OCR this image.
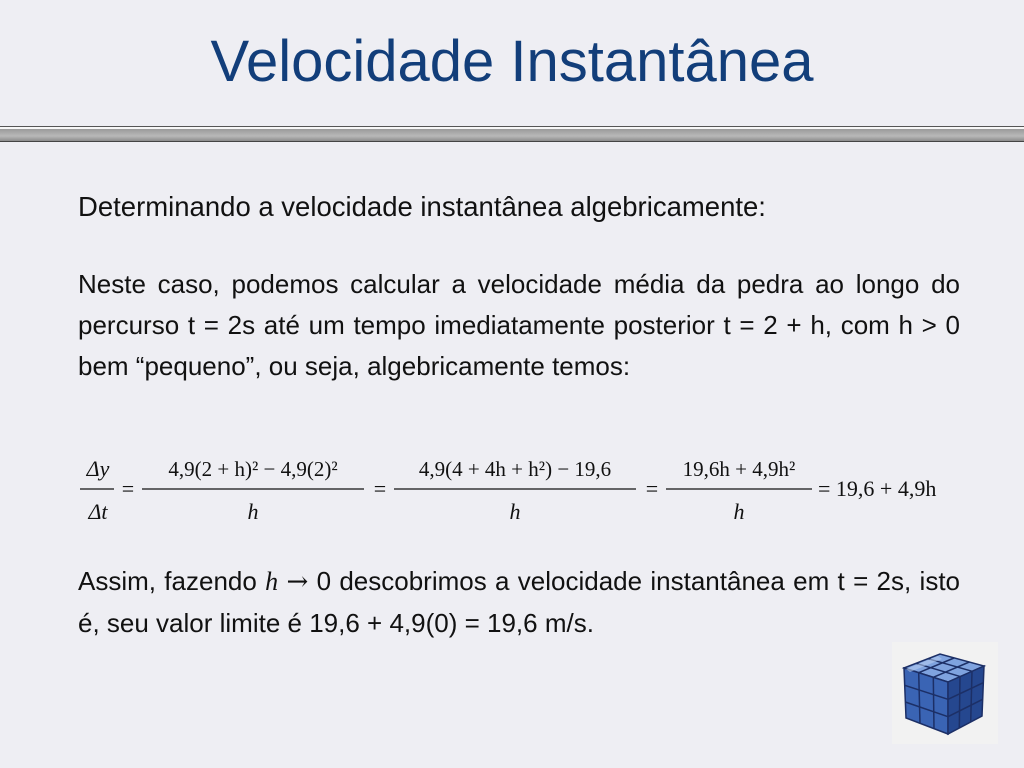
Velocidade Instantânea
Determinando a velocidade instantânea algebricamente:
Neste caso, podemos calcular a velocidade média da pedra ao longo do percurso t = 2s até um tempo imediatamente posterior t = 2 + h, com h > 0 bem “pequeno”, ou seja, algebricamente temos:
Δy
Δt
=
4,9(2 + h)² − 4,9(2)²
h
=
4,9(4 + 4h + h²) − 19,6
h
=
19,6h + 4,9h²
h
= 19,6 + 4,9h
Assim, fazendo h → 0 descobrimos a velocidade instantânea em t = 2s, isto é, seu valor limite é 19,6 + 4,9(0) = 19,6 m/s.
